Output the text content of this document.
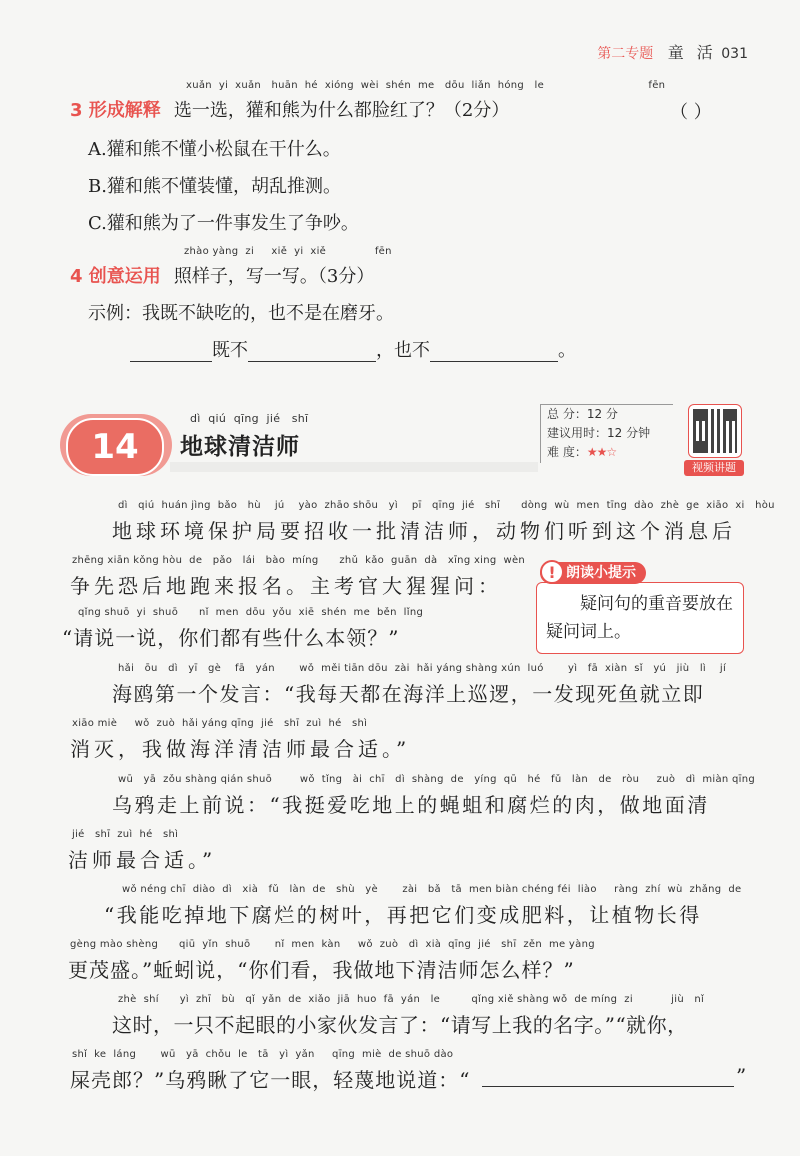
第二专题 童 活 031
xuǎn  yi  xuǎn   huān  hé  xióng  wèi  shén  me   dōu  liǎn  hóng   le                              fēn
3 形成解释 选一选，獾和熊为什么都脸红了？（2分）	（ ）
A.獾和熊不懂小松鼠在干什么。
B.獾和熊不懂装懂，胡乱推测。
C.獾和熊为了一件事发生了争吵。
zhào yàng  zi     xiě  yi  xiě              fēn
4 创意运用 照样子，写一写。（3分）
示例：我既不缺吃的，也不是在磨牙。
既不	，也不	。
14
dì  qiú  qīng  jié   shī
地球清洁师
总 分：12 分
建议用时：12 分钟
难 度：★★☆
视频讲题
朗读小提示
!
疑问句的重音要放在疑问词上。
dì   qiú  huán jìng  bǎo   hù    jú    yào  zhāo shōu   yì    pī   qīng  jié   shī      dòng  wù  men  tīng  dào  zhè  ge  xiāo  xi   hòu
地球环境保护局要招收一批清洁师，动物们听到这个消息后
zhēng xiān kǒng hòu  de   pǎo   lái   bào  míng      zhǔ  kǎo  guān  dà   xīng xing  wèn
争先恐后地跑来报名。主考官大猩猩问：
qǐng shuō  yi  shuō      nǐ  men  dōu  yǒu  xiē  shén  me  běn  lǐng
“请说一说，你们都有些什么本领？”
hǎi   ōu   dì   yī   gè    fā   yán       wǒ  měi tiān dōu  zài  hǎi yáng shàng xún  luó       yì   fā  xiàn  sǐ   yú   jiù   lì    jí
海鸥第一个发言：“我每天都在海洋上巡逻，一发现死鱼就立即
xiāo miè     wǒ  zuò  hǎi yáng qīng  jié   shī  zuì  hé   shì
消灭，我做海洋清洁师最合适。”
wū   yā  zǒu shàng qián shuō        wǒ  tǐng   ài  chī   dì  shàng  de   yíng  qū   hé   fǔ   làn   de   ròu     zuò   dì  miàn qīng
乌鸦走上前说：“我挺爱吃地上的蝇蛆和腐烂的肉，做地面清
jié   shī  zuì  hé   shì
洁师最合适。”
wǒ néng chī  diào  dì   xià   fǔ   làn  de   shù   yè       zài   bǎ   tā  men biàn chéng féi  liào     ràng  zhí  wù  zhǎng  de
“我能吃掉地下腐烂的树叶，再把它们变成肥料，让植物长得
gèng mào shèng      qiū  yǐn  shuō       nǐ  men  kàn     wǒ  zuò   dì  xià  qīng  jié   shī  zěn  me yàng
更茂盛。”蚯蚓说，“你们看，我做地下清洁师怎么样？”
zhè  shí      yì  zhī   bù   qǐ  yǎn  de  xiǎo  jiā  huo  fā  yán   le         qǐng xiě shàng wǒ  de míng  zi           jiù   nǐ
这时，一只不起眼的小家伙发言了：“请写上我的名字。”“就你，
shǐ  ke  láng       wū   yā  chǒu  le   tā   yì  yǎn     qīng  miè  de shuō dào
屎壳郎？”乌鸦瞅了它一眼，轻蔑地说道：“	”
